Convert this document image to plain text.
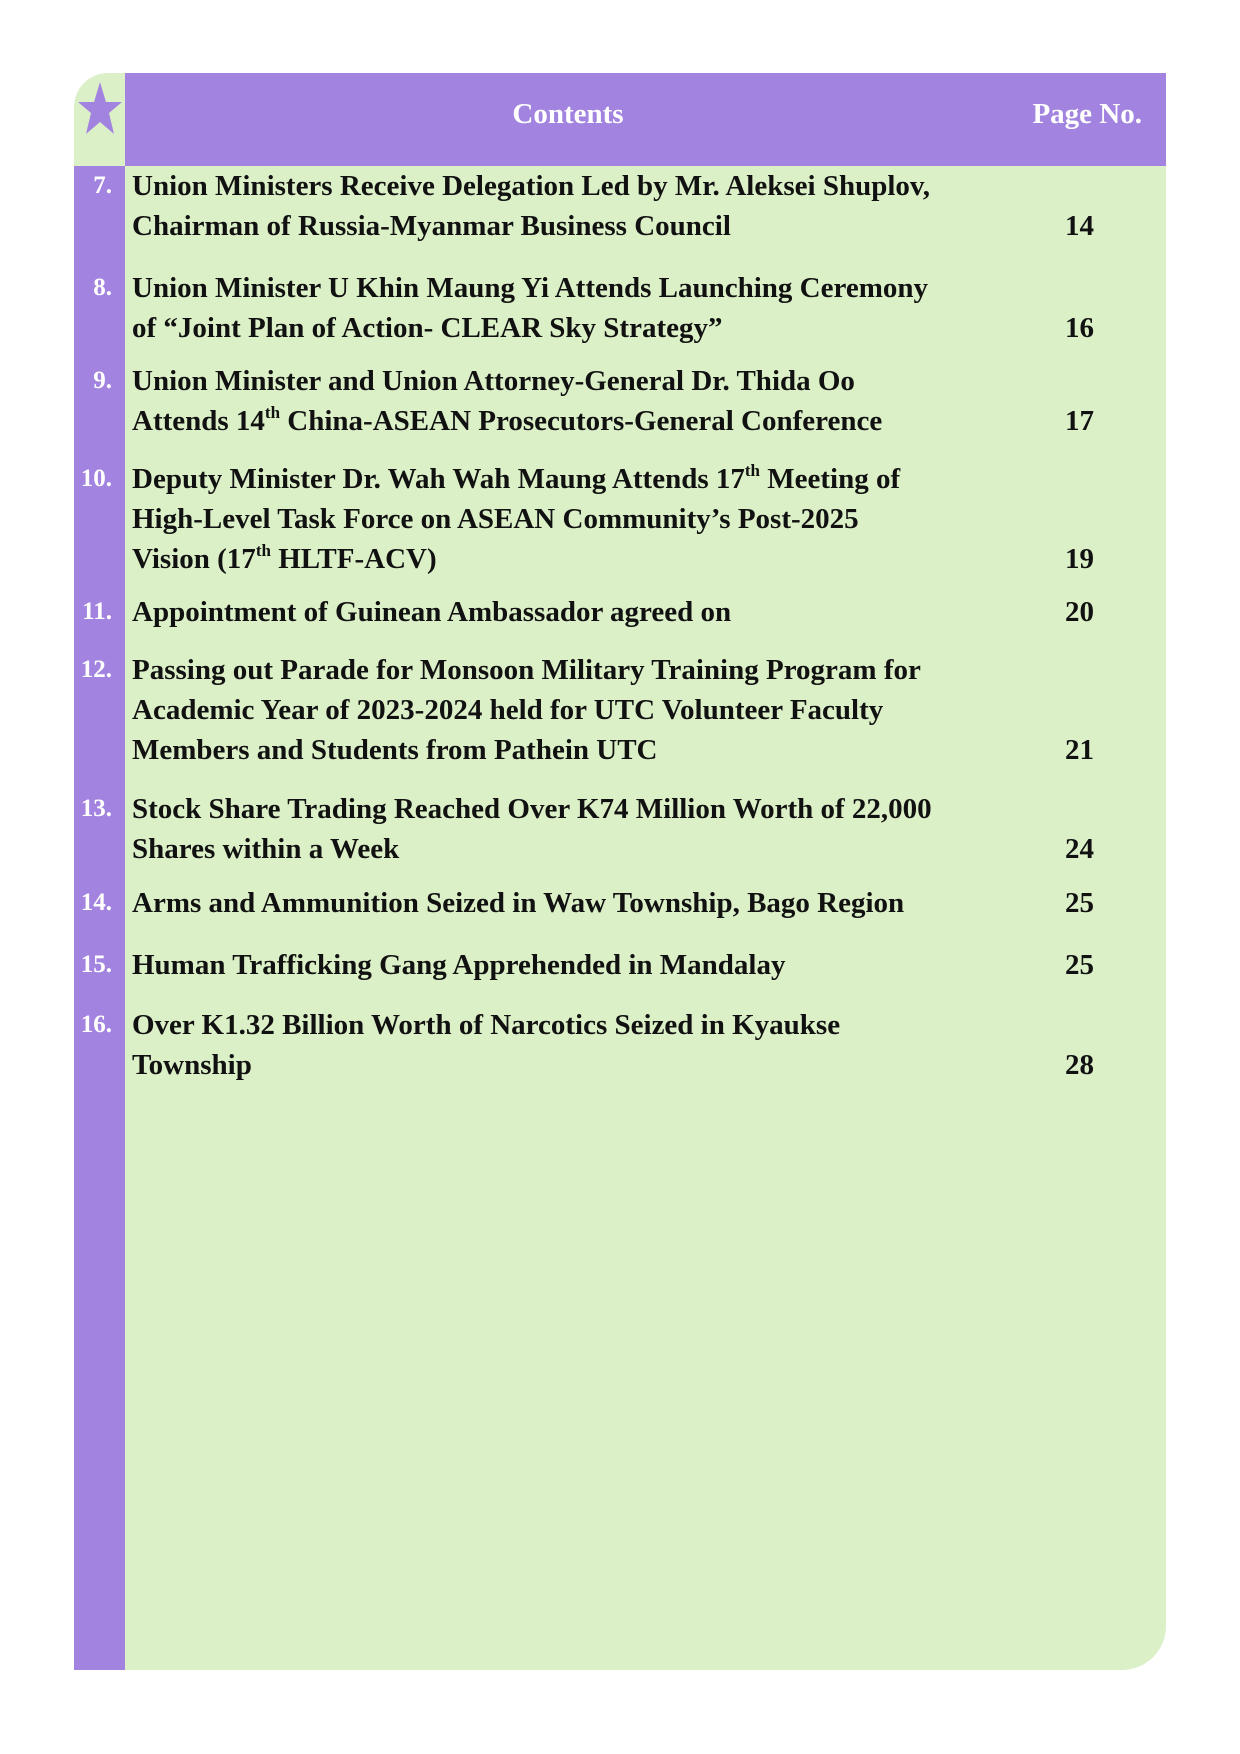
Contents	Page No.
7. Union Ministers Receive Delegation Led by Mr. Aleksei Shuplov,
Chairman of Russia-Myanmar Business Council	14
8. Union Minister U Khin Maung Yi Attends Launching Ceremony
of “Joint Plan of Action- CLEAR Sky Strategy”	16
9. Union Minister and Union Attorney-General Dr. Thida Oo
Attends 14th China-ASEAN Prosecutors-General Conference	17
10. Deputy Minister Dr. Wah Wah Maung Attends 17th Meeting of
High-Level Task Force on ASEAN Community’s Post-2025
Vision (17th HLTF-ACV)	19
11. Appointment of Guinean Ambassador agreed on	20
12. Passing out Parade for Monsoon Military Training Program for
Academic Year of 2023-2024 held for UTC Volunteer Faculty
Members and Students from Pathein UTC	21
13. Stock Share Trading Reached Over K74 Million Worth of 22,000
Shares within a Week	24
14. Arms and Ammunition Seized in Waw Township, Bago Region	25
15. Human Trafficking Gang Apprehended in Mandalay	25
16. Over K1.32 Billion Worth of Narcotics Seized in Kyaukse
Township	28
